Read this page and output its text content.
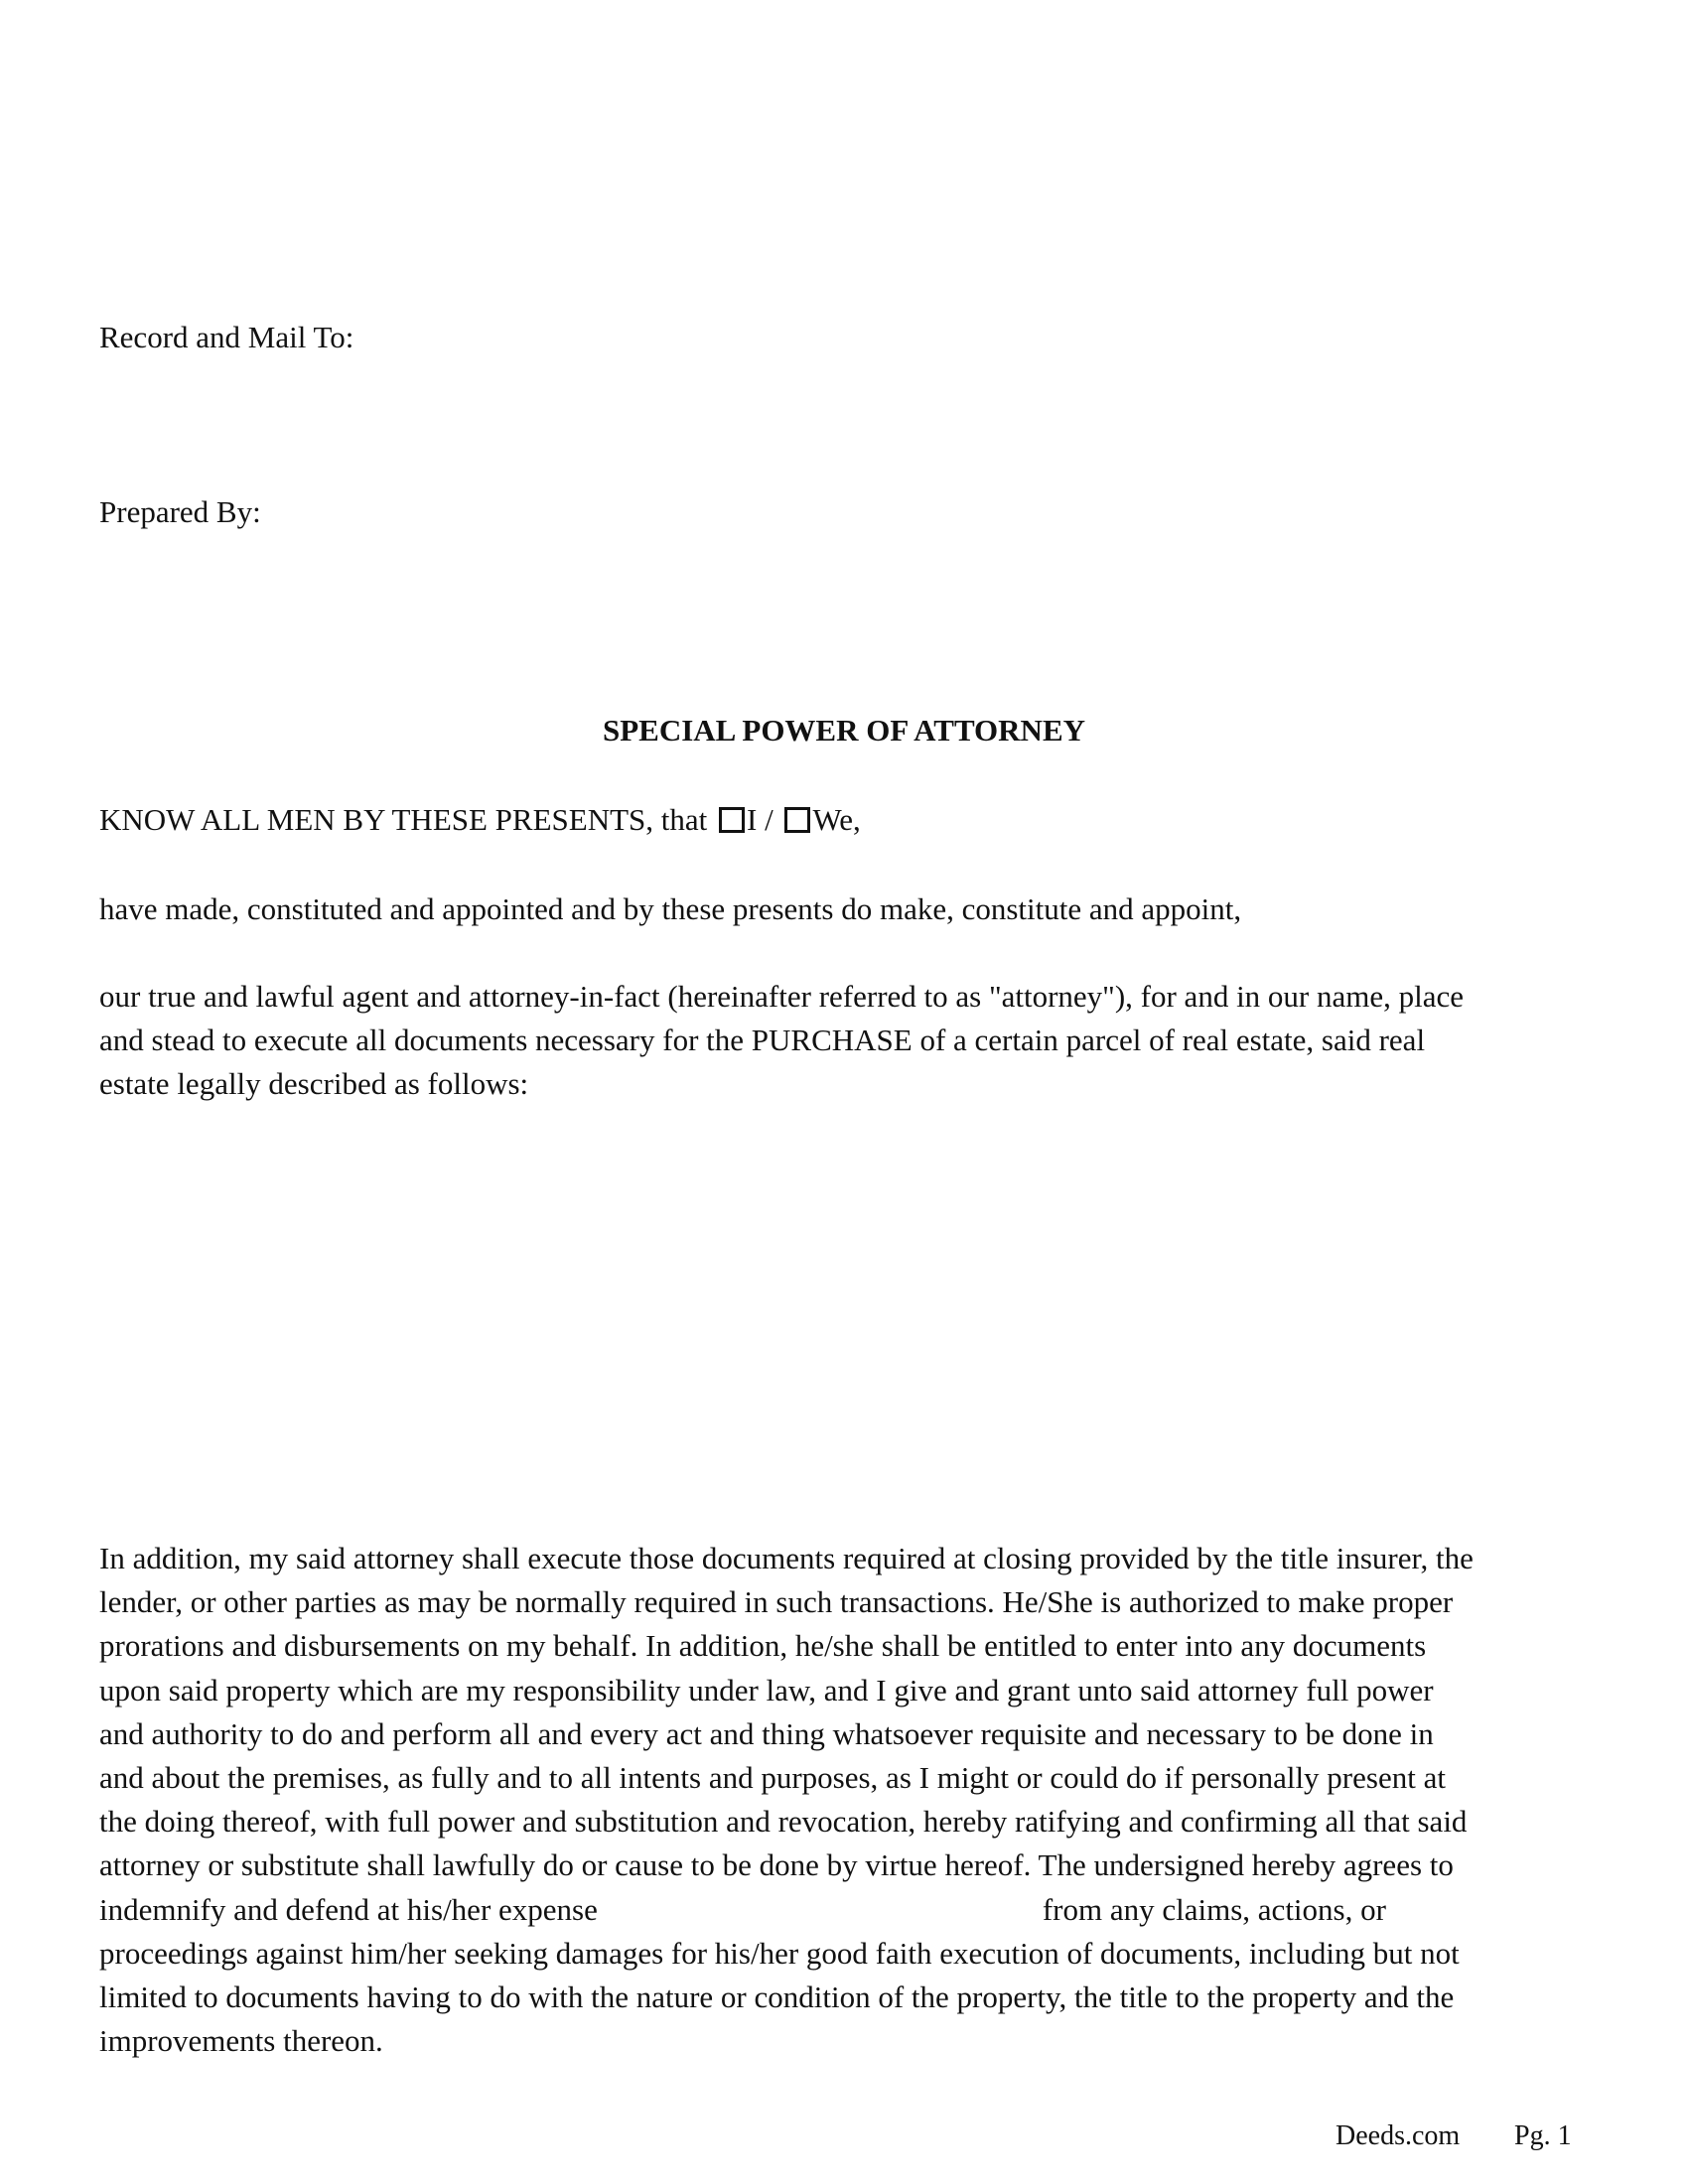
Record and Mail To:
Prepared By:
SPECIAL POWER OF ATTORNEY
KNOW ALL MEN BY THESE PRESENTS, that I / We,
have made, constituted and appointed and by these presents do make, constitute and appoint,
our true and lawful agent and attorney-in-fact (hereinafter referred to as "attorney"), for and in our name, place
and stead to execute all documents necessary for the PURCHASE of a certain parcel of real estate, said real
estate legally described as follows:
In addition, my said attorney shall execute those documents required at closing provided by the title insurer, the
lender, or other parties as may be normally required in such transactions. He/She is authorized to make proper
prorations and disbursements on my behalf. In addition, he/she shall be entitled to enter into any documents
upon said property which are my responsibility under law, and I give and grant unto said attorney full power
and authority to do and perform all and every act and thing whatsoever requisite and necessary to be done in
and about the premises, as fully and to all intents and purposes, as I might or could do if personally present at
the doing thereof, with full power and substitution and revocation, hereby ratifying and confirming all that said
attorney or substitute shall lawfully do or cause to be done by virtue hereof. The undersigned hereby agrees to
indemnify and defend at his/her expense	from any claims, actions, or
proceedings against him/her seeking damages for his/her good faith execution of documents, including but not
limited to documents having to do with the nature or condition of the property, the title to the property and the
improvements thereon.
Deeds.com Pg. 1
